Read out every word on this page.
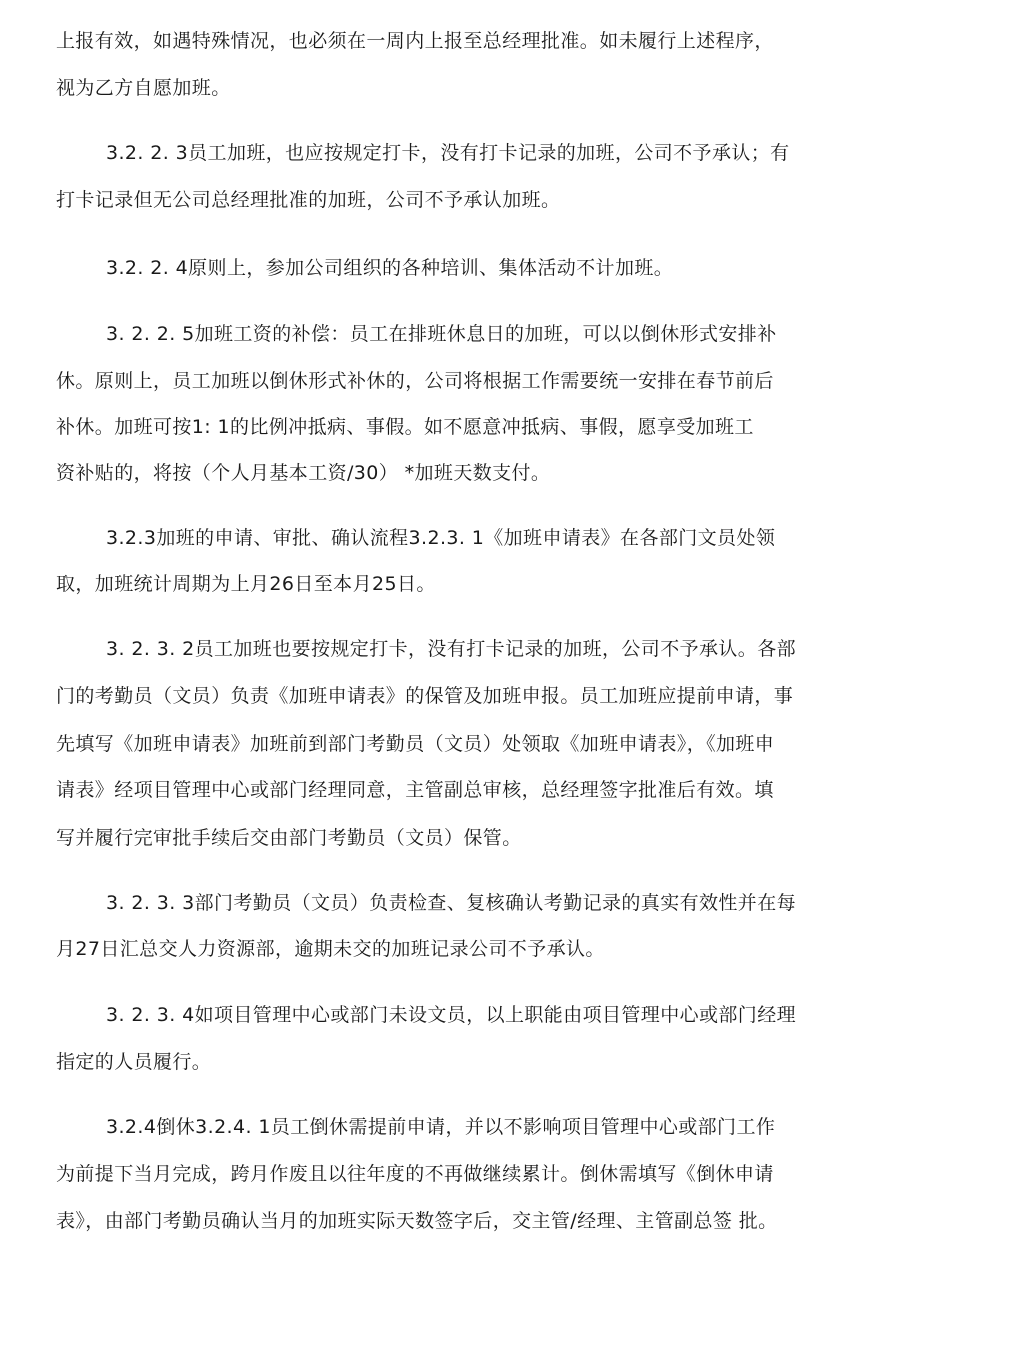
上报有效，如遇特殊情况，也必须在一周内上报至总经理批准。如未履行上述程序，
视为乙方自愿加班。
3.2. 2. 3员工加班，也应按规定打卡，没有打卡记录的加班，公司不予承认；有
打卡记录但无公司总经理批准的加班，公司不予承认加班。
3.2. 2. 4原则上，参加公司组织的各种培训、集体活动不计加班。
3. 2. 2. 5加班工资的补偿：员工在排班休息日的加班，可以以倒休形式安排补
休。原则上，员工加班以倒休形式补休的，公司将根据工作需要统一安排在春节前后
补休。加班可按1: 1的比例冲抵病、事假。如不愿意冲抵病、事假，愿享受加班工
资补贴的，将按（个人月基本工资/30） *加班天数支付。
3.2.3加班的申请、审批、确认流程3.2.3. 1《加班申请表》在各部门文员处领
取，加班统计周期为上月26日至本月25日。
3. 2. 3. 2员工加班也要按规定打卡，没有打卡记录的加班，公司不予承认。各部
门的考勤员（文员）负责《加班申请表》的保管及加班申报。员工加班应提前申请，事
先填写《加班申请表》加班前到部门考勤员（文员）处领取《加班申请表》，《加班申
请表》经项目管理中心或部门经理同意，主管副总审核，总经理签字批准后有效。填
写并履行完审批手续后交由部门考勤员（文员）保管。
3. 2. 3. 3部门考勤员（文员）负责检查、复核确认考勤记录的真实有效性并在每
月27日汇总交人力资源部，逾期未交的加班记录公司不予承认。
3. 2. 3. 4如项目管理中心或部门未设文员，以上职能由项目管理中心或部门经理
指定的人员履行。
3.2.4倒休3.2.4. 1员工倒休需提前申请，并以不影响项目管理中心或部门工作
为前提下当月完成，跨月作废且以往年度的不再做继续累计。倒休需填写《倒休申请
表》，由部门考勤员确认当月的加班实际天数签字后，交主管/经理、主管副总签 批。
